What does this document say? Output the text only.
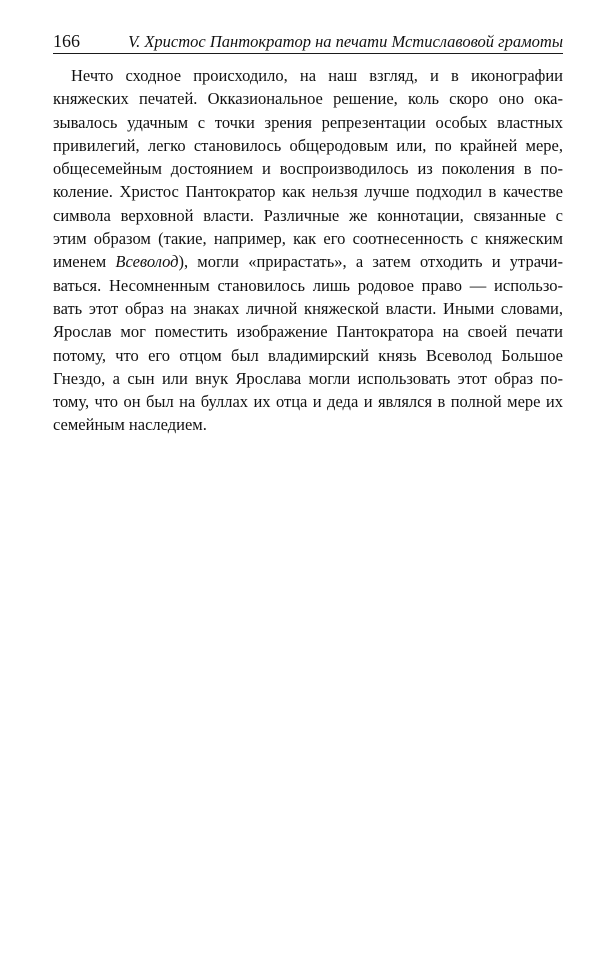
166	V. Христос Пантократор на печати Мстиславовой грамоты
Нечто сходное происходило, на наш взгляд, и в иконографии
княжеских печатей. Окказиональное решение, коль скоро оно ока-
зывалось удачным с точки зрения репрезентации особых властных
привилегий, легко становилось общеродовым или, по крайней мере,
общесемейным достоянием и воспроизводилось из поколения в по-
коление. Христос Пантократор как нельзя лучше подходил в качестве
символа верховной власти. Различные же коннотации, связанные с
этим образом (такие, например, как его соотнесенность с княжеским
именем Всеволод), могли «прирастать», а затем отходить и утрачи-
ваться. Несомненным становилось лишь родовое право — использо-
вать этот образ на знаках личной княжеской власти. Иными словами,
Ярослав мог поместить изображение Пантократора на своей печати
потому, что его отцом был владимирский князь Всеволод Большое
Гнездо, а сын или внук Ярослава могли использовать этот образ по-
тому, что он был на буллах их отца и деда и являлся в полной мере их
семейным наследием.
